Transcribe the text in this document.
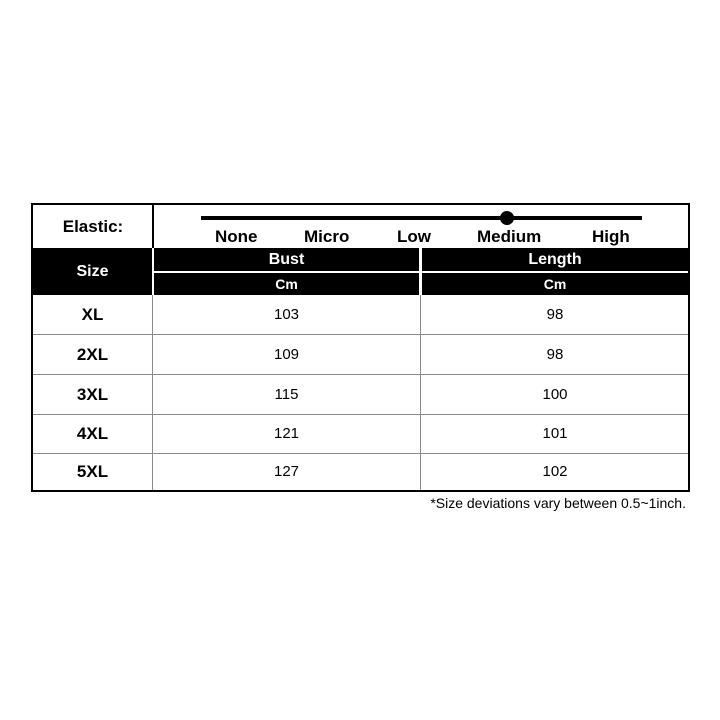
Elastic:
None	Micro	Low	Medium	High
Size
Bust	Length
Cm	Cm
XL	103	98
2XL	109	98
3XL	115	100
4XL	121	101
5XL	127	102
*Size deviations vary between 0.5~1inch.
